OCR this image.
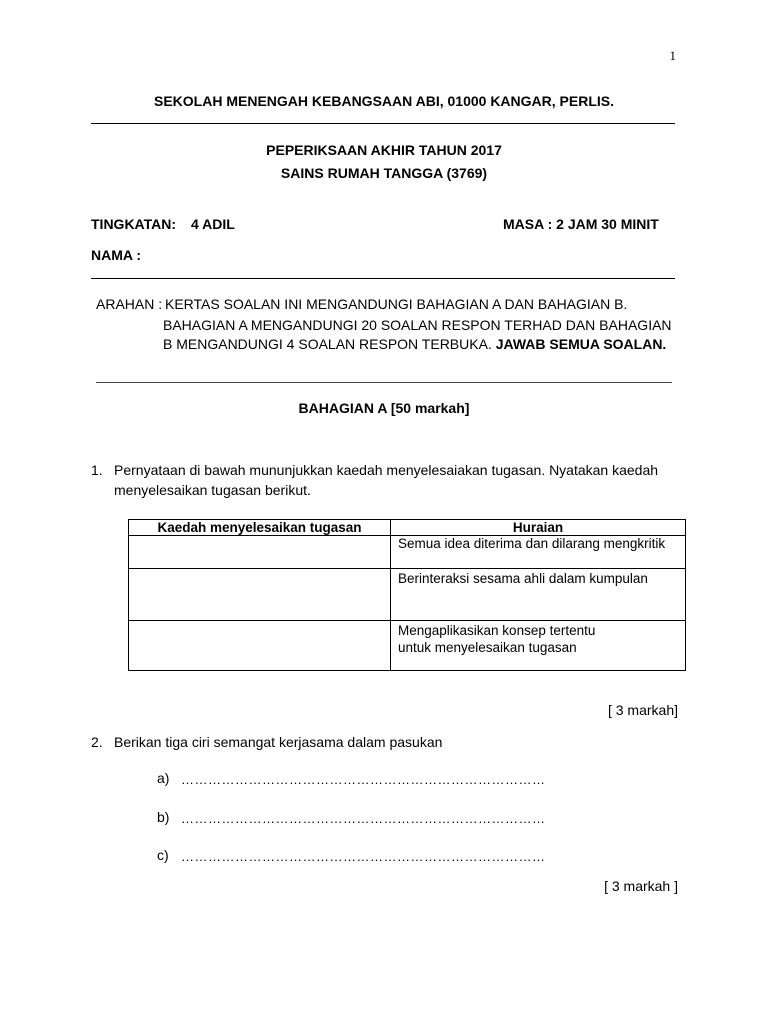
1
SEKOLAH MENENGAH KEBANGSAAN ABI, 01000 KANGAR, PERLIS.
PEPERIKSAAN AKHIR TAHUN 2017
SAINS RUMAH TANGGA (3769)
TINGKATAN: 4 ADIL	MASA : 2 JAM 30 MINIT
NAMA :
ARAHAN : KERTAS SOALAN INI MENGANDUNGI BAHAGIAN A DAN BAHAGIAN B.
BAHAGIAN A MENGANDUNGI 20 SOALAN RESPON TERHAD DAN BAHAGIAN
B MENGANDUNGI 4 SOALAN RESPON TERBUKA. JAWAB SEMUA SOALAN.
BAHAGIAN A [50 markah]
1. Pernyataan di bawah mununjukkan kaedah menyelesaiakan tugasan. Nyatakan kaedah
menyelesaikan tugasan berikut.
Kaedah menyelesaikan tugasan	Huraian
	Semua idea diterima dan dilarang mengkritik
	Berinteraksi sesama ahli dalam kumpulan
	Mengaplikasikan konsep tertentu untuk menyelesaikan tugasan
[ 3 markah]
2. Berikan tiga ciri semangat kerjasama dalam pasukan
a) ………………………………………………………………………
b) ………………………………………………………………………
c) ………………………………………………………………………
[ 3 markah ]
